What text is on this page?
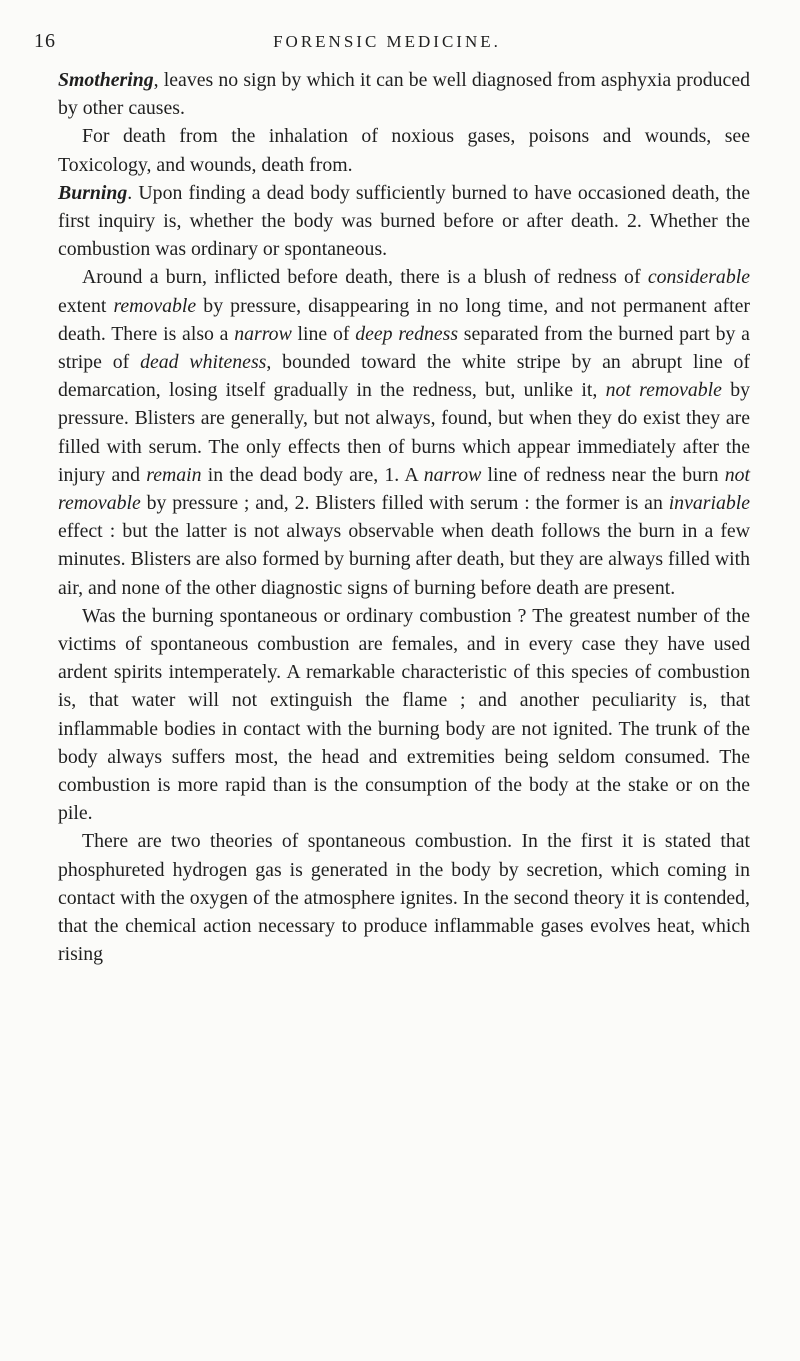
16	FORENSIC MEDICINE.

Smothering, leaves no sign by which it can be well diagnosed from asphyxia produced by other causes.

For death from the inhalation of noxious gases, poisons and wounds, see Toxicology, and wounds, death from.

Burning. Upon finding a dead body sufficiently burned to have occasioned death, the first inquiry is, whether the body was burned before or after death. 2. Whether the combustion was ordinary or spontaneous.

Around a burn, inflicted before death, there is a blush of redness of considerable extent removable by pressure, disappearing in no long time, and not permanent after death. There is also a narrow line of deep redness separated from the burned part by a stripe of dead whiteness, bounded toward the white stripe by an abrupt line of demarcation, losing itself gradually in the redness, but, unlike it, not removable by pressure. Blisters are generally, but not always, found, but when they do exist they are filled with serum. The only effects then of burns which appear immediately after the injury and remain in the dead body are, 1. A narrow line of redness near the burn not removable by pressure ; and, 2. Blisters filled with serum : the former is an invariable effect : but the latter is not always observable when death follows the burn in a few minutes. Blisters are also formed by burning after death, but they are always filled with air, and none of the other diagnostic signs of burning before death are present.

Was the burning spontaneous or ordinary combustion ? The greatest number of the victims of spontaneous combustion are females, and in every case they have used ardent spirits intemperately. A remarkable characteristic of this species of combustion is, that water will not extinguish the flame ; and another peculiarity is, that inflammable bodies in contact with the burning body are not ignited. The trunk of the body always suffers most, the head and extremities being seldom consumed. The combustion is more rapid than is the consumption of the body at the stake or on the pile.

There are two theories of spontaneous combustion. In the first it is stated that phosphureted hydrogen gas is generated in the body by secretion, which coming in contact with the oxygen of the atmosphere ignites. In the second theory it is contended, that the chemical action necessary to produce inflammable gases evolves heat, which rising
